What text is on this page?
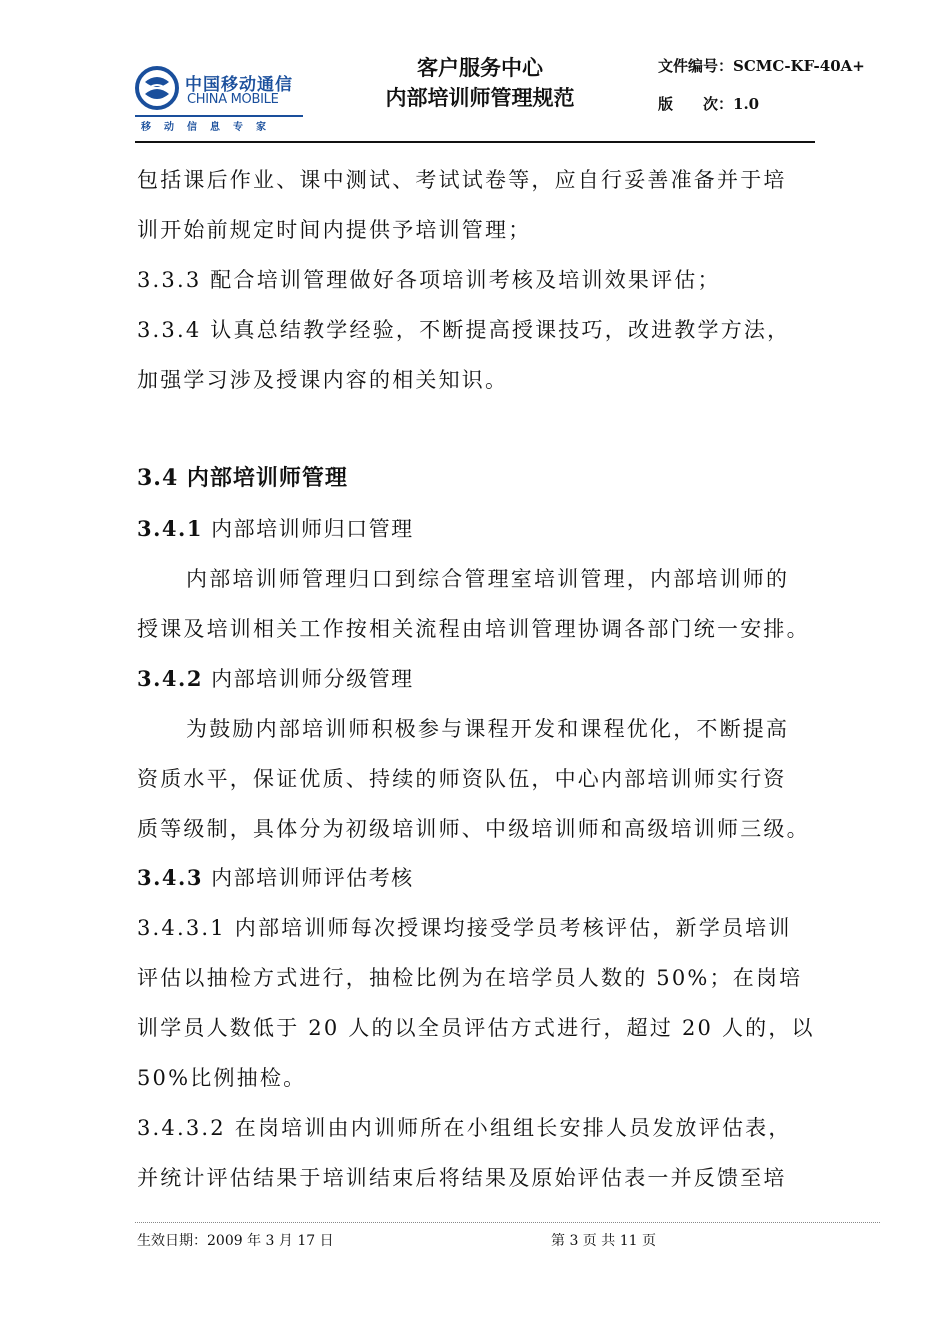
中国移动通信
CHINA MOBILE
移动信息专家
客户服务中心
内部培训师管理规范
文件编号：SCMC-KF-40A+
版　　次：1.0
包括课后作业、课中测试、考试试卷等，应自行妥善准备并于培
训开始前规定时间内提供予培训管理；
3.3.3 配合培训管理做好各项培训考核及培训效果评估；
3.3.4 认真总结教学经验，不断提高授课技巧，改进教学方法，
加强学习涉及授课内容的相关知识。
3.4 内部培训师管理
3.4.1 内部培训师归口管理
内部培训师管理归口到综合管理室培训管理，内部培训师的
授课及培训相关工作按相关流程由培训管理协调各部门统一安排。
3.4.2 内部培训师分级管理
为鼓励内部培训师积极参与课程开发和课程优化，不断提高
资质水平，保证优质、持续的师资队伍，中心内部培训师实行资
质等级制，具体分为初级培训师、中级培训师和高级培训师三级。
3.4.3 内部培训师评估考核
3.4.3.1 内部培训师每次授课均接受学员考核评估，新学员培训
评估以抽检方式进行，抽检比例为在培学员人数的 50%；在岗培
训学员人数低于 20 人的以全员评估方式进行，超过 20 人的，以
50%比例抽检。
3.4.3.2 在岗培训由内训师所在小组组长安排人员发放评估表，
并统计评估结果于培训结束后将结果及原始评估表一并反馈至培
生效日期：2009 年 3 月 17 日	第 3 页 共 11 页
